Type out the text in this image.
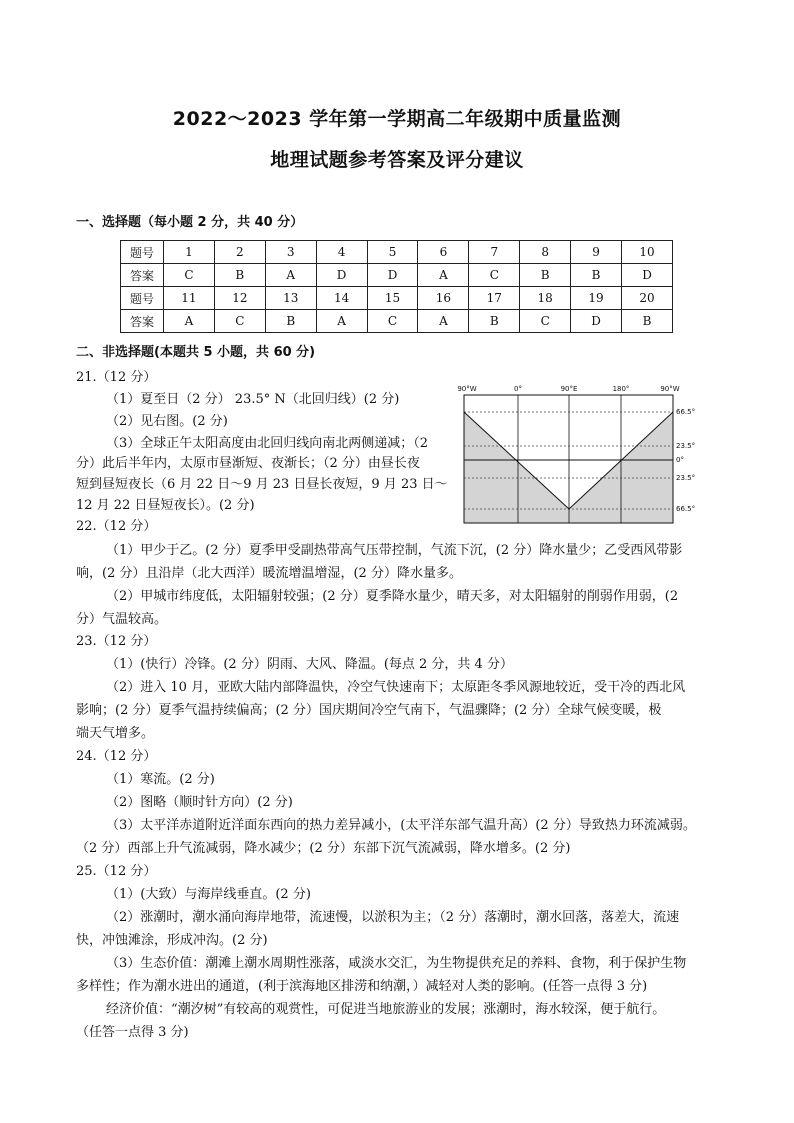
2022～2023 学年第一学期高二年级期中质量监测
地理试题参考答案及评分建议
一、选择题（每小题 2 分，共 40 分）
题号	1	2	3	4	5	6	7	8	9	10
答案	C	B	A	D	D	A	C	B	B	D
题号	11	12	13	14	15	16	17	18	19	20
答案	A	C	B	A	C	A	B	C	D	B
二、非选择题(本题共 5 小题，共 60 分)
21.（12 分）
（1）夏至日（2 分） 23.5° N（北回归线）(2 分)
（2）见右图。(2 分)
（3）全球正午太阳高度由北回归线向南北两侧递减；（2
分）此后半年内，太原市昼渐短、夜渐长；（2 分）由昼长夜
短到昼短夜长（6 月 22 日～9 月 23 日昼长夜短，9 月 23 日～
12 月 22 日昼短夜长）。(2 分)
90°W	0°	90°E	180°	90°W
66.5°
23.5°
0°
23.5°
66.5°
22.（12 分）
（1）甲少于乙。(2 分）夏季甲受副热带高气压带控制，气流下沉，(2 分）降水量少；乙受西风带影
响，(2 分）且沿岸（北大西洋）暖流增温增湿，(2 分）降水量多。
（2）甲城市纬度低，太阳辐射较强；(2 分）夏季降水量少，晴天多，对太阳辐射的削弱作用弱，(2
分）气温较高。
23.（12 分）
（1）(快行）冷锋。(2 分）阴雨、大风、降温。(每点 2 分，共 4 分）
（2）进入 10 月，亚欧大陆内部降温快，冷空气快速南下；太原距冬季风源地较近，受干冷的西北风
影响；(2 分）夏季气温持续偏高；(2 分）国庆期间冷空气南下，气温骤降；(2 分）全球气候变暖，极
端天气增多。
24.（12 分）
（1）寒流。(2 分)
（2）图略（顺时针方向）(2 分)
（3）太平洋赤道附近洋面东西向的热力差异减小，(太平洋东部气温升高）(2 分）导致热力环流减弱。
（2 分）西部上升气流减弱，降水减少；(2 分）东部下沉气流减弱，降水增多。(2 分)
25.（12 分）
（1）(大致）与海岸线垂直。(2 分)
（2）涨潮时，潮水涌向海岸地带，流速慢，以淤积为主；（2 分）落潮时，潮水回落，落差大，流速
快，冲蚀滩涂，形成冲沟。(2 分)
（3）生态价值：潮滩上潮水周期性涨落，咸淡水交汇，为生物提供充足的养料、食物，利于保护生物
多样性；作为潮水进出的通道，(利于滨海地区排涝和纳潮，）减轻对人类的影响。(任答一点得 3 分)
经济价值：“潮汐树”有较高的观赏性，可促进当地旅游业的发展；涨潮时，海水较深，便于航行。
（任答一点得 3 分)
